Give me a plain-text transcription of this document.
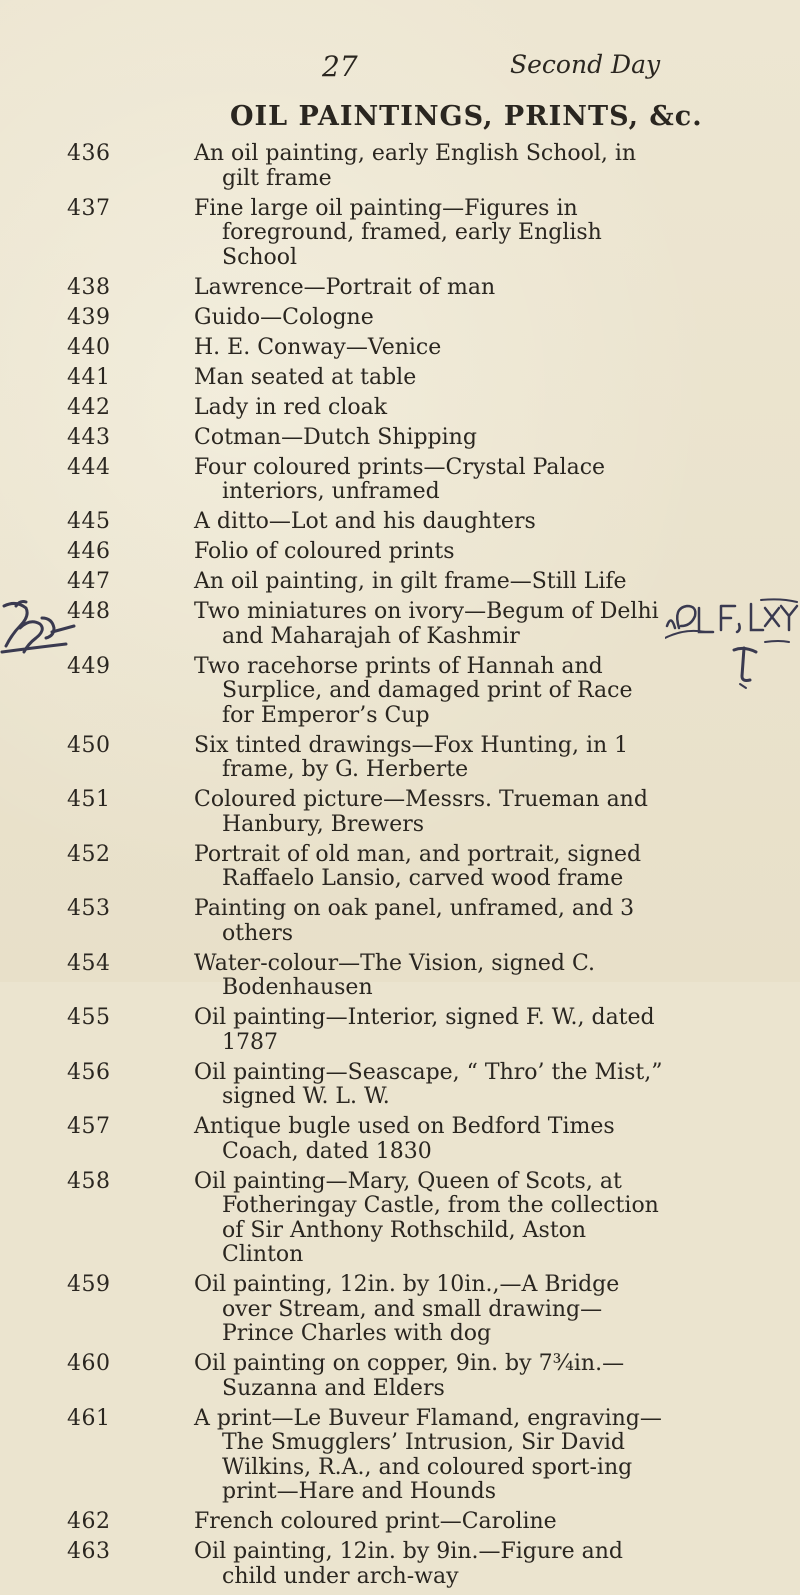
27	Second Day
OIL PAINTINGS, PRINTS, &c.
436	An oil painting, early English School, in gilt frame
437	Fine large oil painting—Figures in foreground, framed, early English School
438	Lawrence—Portrait of man
439	Guido—Cologne
440	H. E. Conway—Venice
441	Man seated at table
442	Lady in red cloak
443	Cotman—Dutch Shipping
444	Four coloured prints—Crystal Palace interiors, unframed
445	A ditto—Lot and his daughters
446	Folio of coloured prints
447	An oil painting, in gilt frame—Still Life
448	Two miniatures on ivory—Begum of Delhi and Maharajah of Kashmir
449	Two racehorse prints of Hannah and Surplice, and damaged print of Race for Emperor’s Cup
450	Six tinted drawings—Fox Hunting, in 1 frame, by G. Herberte
451	Coloured picture—Messrs. Trueman and Hanbury, Brewers
452	Portrait of old man, and portrait, signed Raffaelo Lansio, carved wood frame
453	Painting on oak panel, unframed, and 3 others
454	Water-colour—The Vision, signed C. Bodenhausen
455	Oil painting—Interior, signed F. W., dated 1787
456	Oil painting—Seascape, “ Thro’ the Mist,” signed W. L. W.
457	Antique bugle used on Bedford Times Coach, dated 1830
458	Oil painting—Mary, Queen of Scots, at Fotheringay Castle, from the collection of Sir Anthony Rothschild, Aston Clinton
459	Oil painting, 12in. by 10in.,—A Bridge over Stream, and small drawing—Prince Charles with dog
460	Oil painting on copper, 9in. by 7¾in.—Suzanna and Elders
461	A print—Le Buveur Flamand, engraving—The Smugglers’ Intrusion, Sir David Wilkins, R.A., and coloured sport-ing print—Hare and Hounds
462	French coloured print—Caroline
463	Oil painting, 12in. by 9in.—Figure and child under arch-way
